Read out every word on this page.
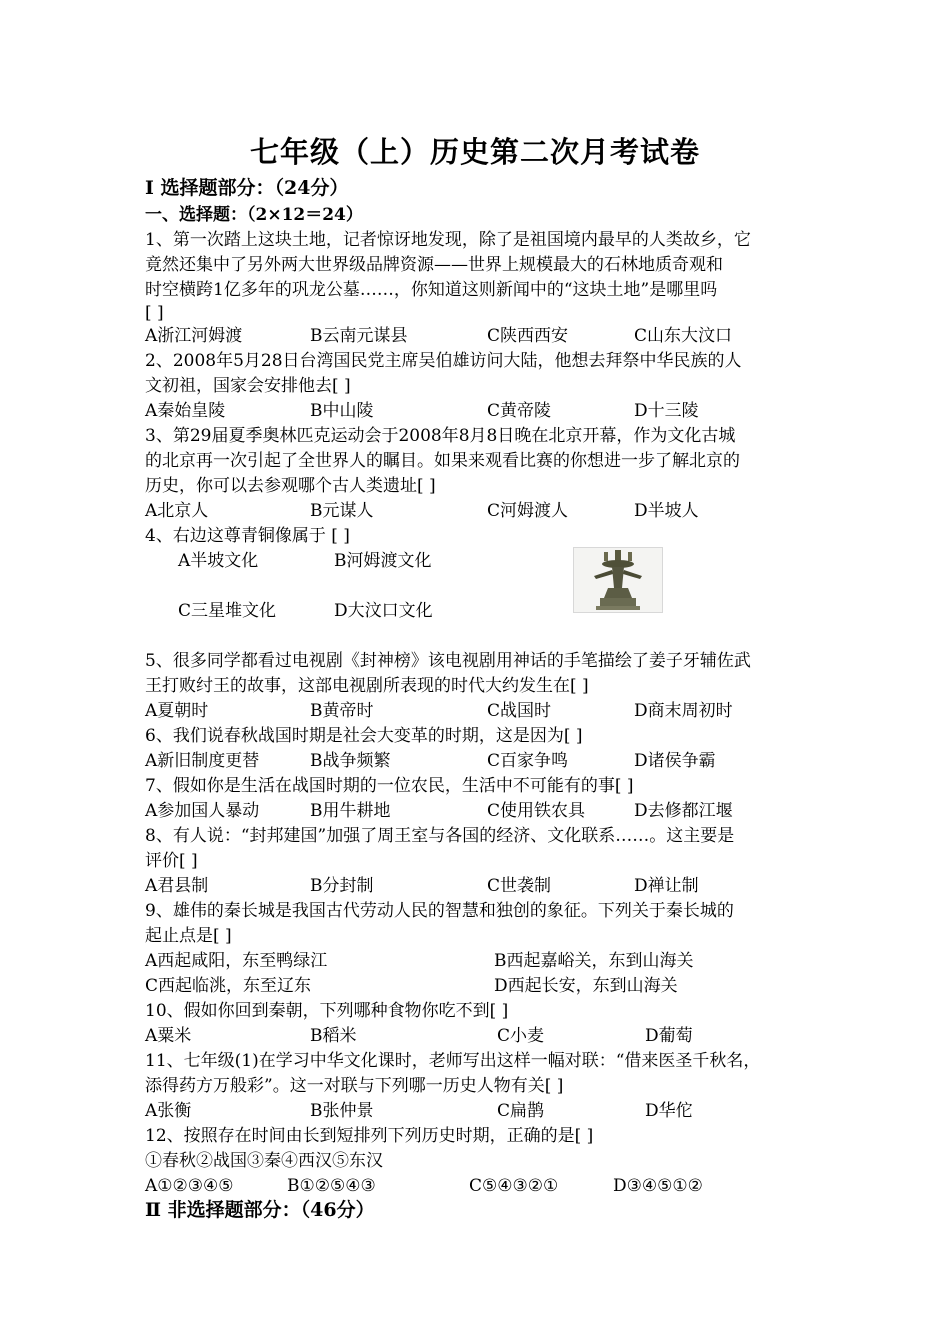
七年级（上）历史第二次月考试卷
Ⅰ 选择题部分：（24分）
一、选择题：（2×12＝24）
1、第一次踏上这块土地，记者惊讶地发现，除了是祖国境内最早的人类故乡，它
竟然还集中了另外两大世界级品牌资源——世界上规模最大的石林地质奇观和
时空横跨1亿多年的巩龙公墓……，你知道这则新闻中的“这块土地”是哪里吗
[ ]
A浙江河姆渡	B云南元谋县	C陕西西安	C山东大汶口
2、2008年5月28日台湾国民党主席吴伯雄访问大陆，他想去拜祭中华民族的人
文初祖，国家会安排他去[ ]
A秦始皇陵	B中山陵	C黄帝陵	D十三陵
3、第29届夏季奥林匹克运动会于2008年8月8日晚在北京开幕，作为文化古城
的北京再一次引起了全世界人的瞩目。如果来观看比赛的你想进一步了解北京的
历史，你可以去参观哪个古人类遗址[ ]
A北京人	B元谋人	C河姆渡人	D半坡人
4、右边这尊青铜像属于 [ ]
A半坡文化	B河姆渡文化
C三星堆文化	D大汶口文化
5、很多同学都看过电视剧《封神榜》该电视剧用神话的手笔描绘了姜子牙辅佐武
王打败纣王的故事，这部电视剧所表现的时代大约发生在[ ]
A夏朝时	B黄帝时	C战国时	D商末周初时
6、我们说春秋战国时期是社会大变革的时期，这是因为[ ]
A新旧制度更替	B战争频繁	C百家争鸣	D诸侯争霸
7、假如你是生活在战国时期的一位农民，生活中不可能有的事[ ]
A参加国人暴动	B用牛耕地	C使用铁农具	D去修都江堰
8、有人说：“封邦建国”加强了周王室与各国的经济、文化联系……。这主要是
评价[ ]
A君县制	B分封制	C世袭制	D禅让制
9、雄伟的秦长城是我国古代劳动人民的智慧和独创的象征。下列关于秦长城的
起止点是[ ]
A西起咸阳，东至鸭绿江	B西起嘉峪关，东到山海关
C西起临洮，东至辽东	D西起长安，东到山海关
10、假如你回到秦朝，下列哪种食物你吃不到[ ]
A粟米	B稻米	C小麦	D葡萄
11、七年级(1)在学习中华文化课时，老师写出这样一幅对联：“借来医圣千秋名，
添得药方万般彩”。这一对联与下列哪一历史人物有关[ ]
A张衡	B张仲景	C扁鹊	D华佗
12、按照存在时间由长到短排列下列历史时期，正确的是[ ]
①春秋②战国③秦④西汉⑤东汉
A①②③④⑤	B①②⑤④③	C⑤④③②①	D③④⑤①②
Ⅱ 非选择题部分：（46分）
